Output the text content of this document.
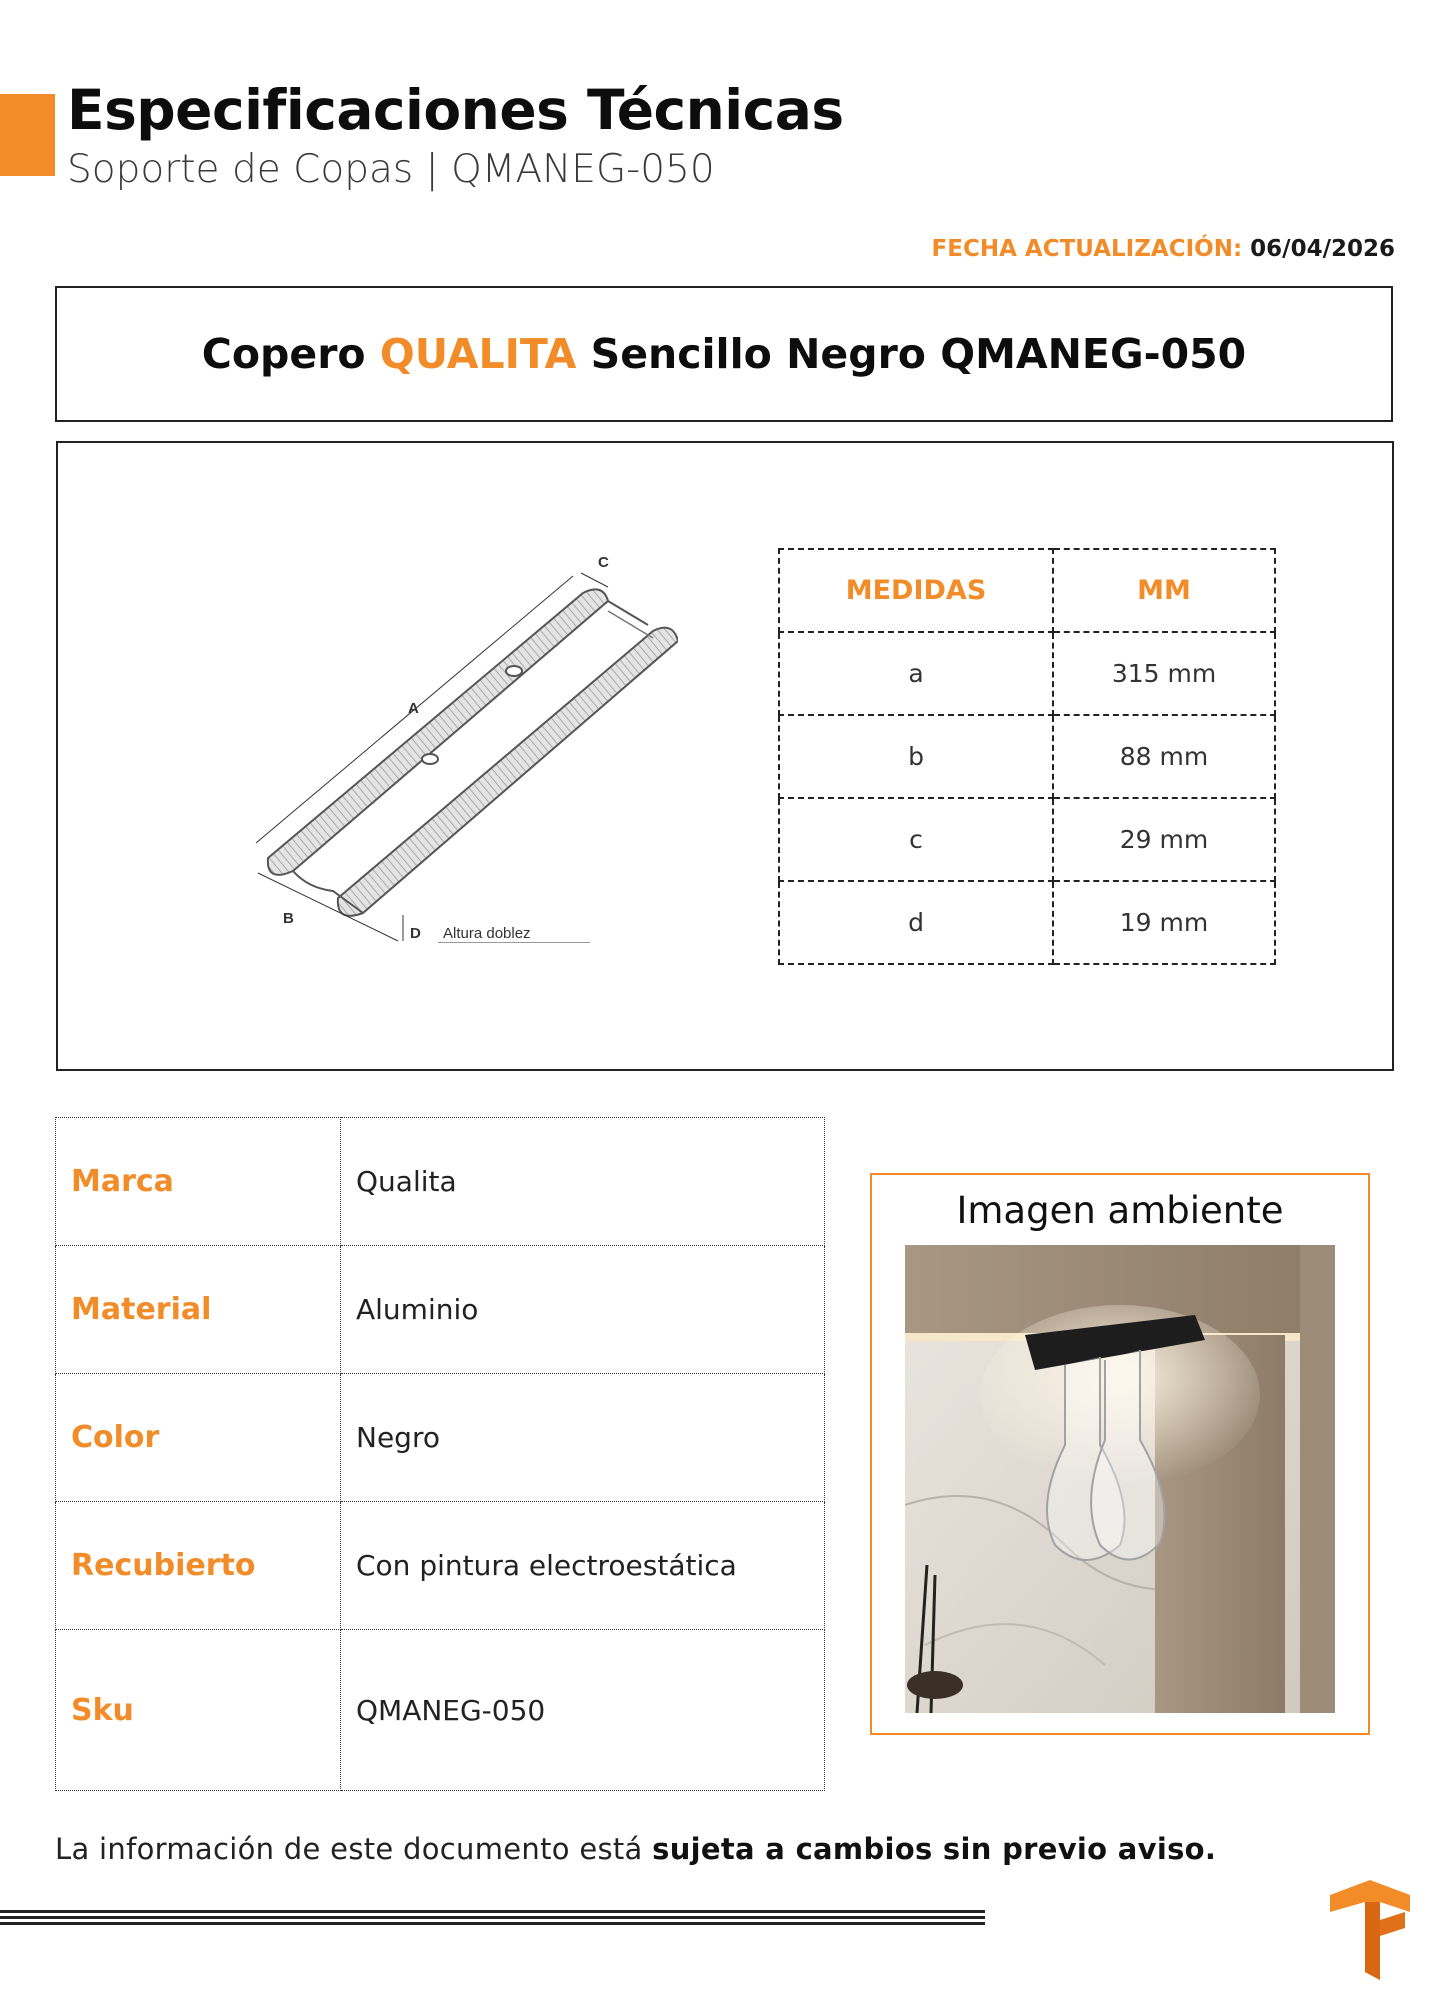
Especificaciones Técnicas
Soporte de Copas | QMANEG-050
FECHA ACTUALIZACIÓN: 06/04/2026
Copero QUALITA Sencillo Negro QMANEG-050
A
B
C
D Altura doblez
MEDIDAS	MM
a	315 mm
b	88 mm
c	29 mm
d	19 mm
Marca	Qualita
Material	Aluminio
Color	Negro
Recubierto	Con pintura electroestática
Sku	QMANEG-050
Imagen ambiente
La información de este documento está sujeta a cambios sin previo aviso.
